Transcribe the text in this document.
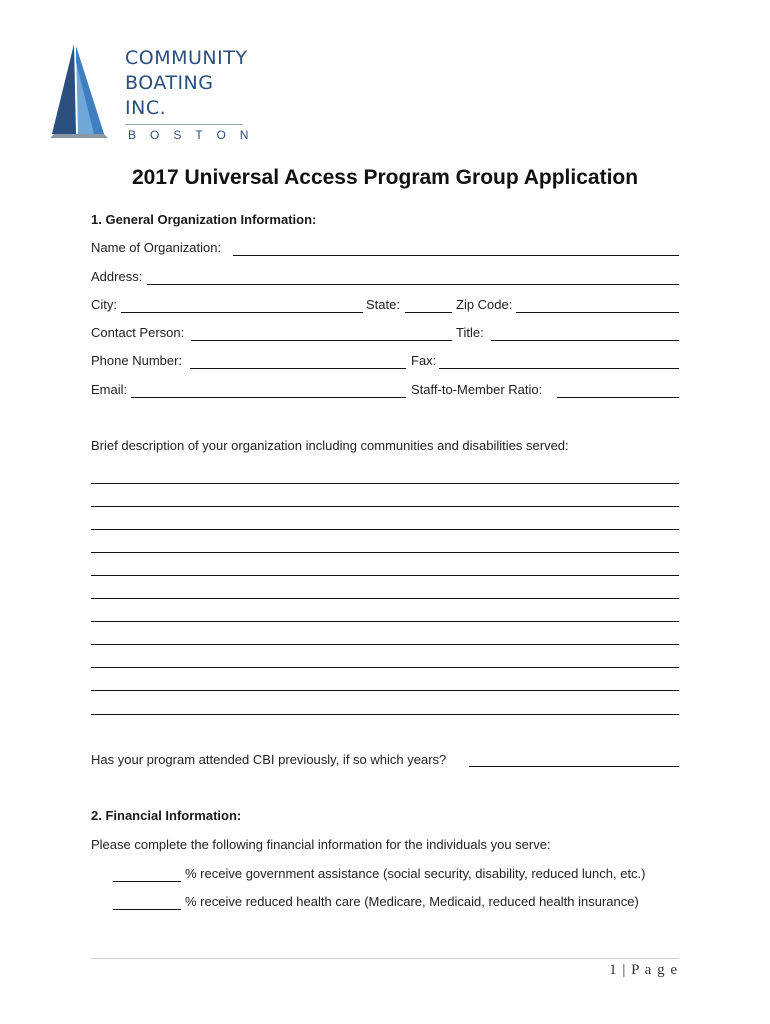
COMMUNITY
BOATING
INC.
BOSTON
2017 Universal Access Program Group Application
1. General Organization Information:
Name of Organization:
Address:
City:	State:	Zip Code:
Contact Person:	Title:
Phone Number:	Fax:
Email:	Staff-to-Member Ratio:
Brief description of your organization including communities and disabilities served:
Has your program attended CBI previously, if so which years?
2. Financial Information:
Please complete the following financial information for the individuals you serve:
% receive government assistance (social security, disability, reduced lunch, etc.)
% receive reduced health care (Medicare, Medicaid, reduced health insurance)
1 | P a g e
